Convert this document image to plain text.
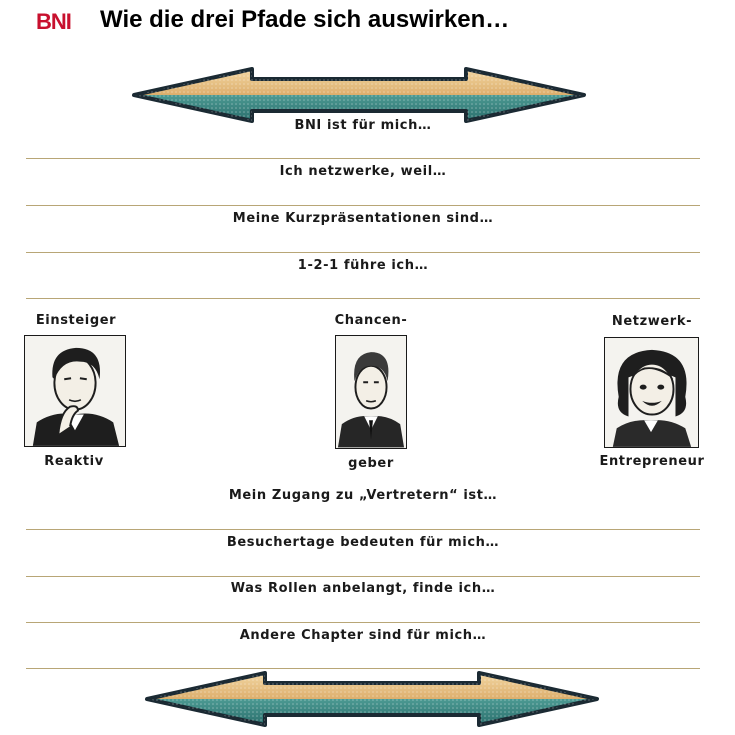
BNI Wie die drei Pfade sich auswirken…
BNI ist für mich…
Ich netzwerke, weil…
Meine Kurzpräsentationen sind…
1-2-1 führe ich…
Einsteiger
Reaktiv
Chancen-
geber
Netzwerk-
Entrepreneur
Mein Zugang zu „Vertretern“ ist…
Besuchertage bedeuten für mich…
Was Rollen anbelangt, finde ich…
Andere Chapter sind für mich…
